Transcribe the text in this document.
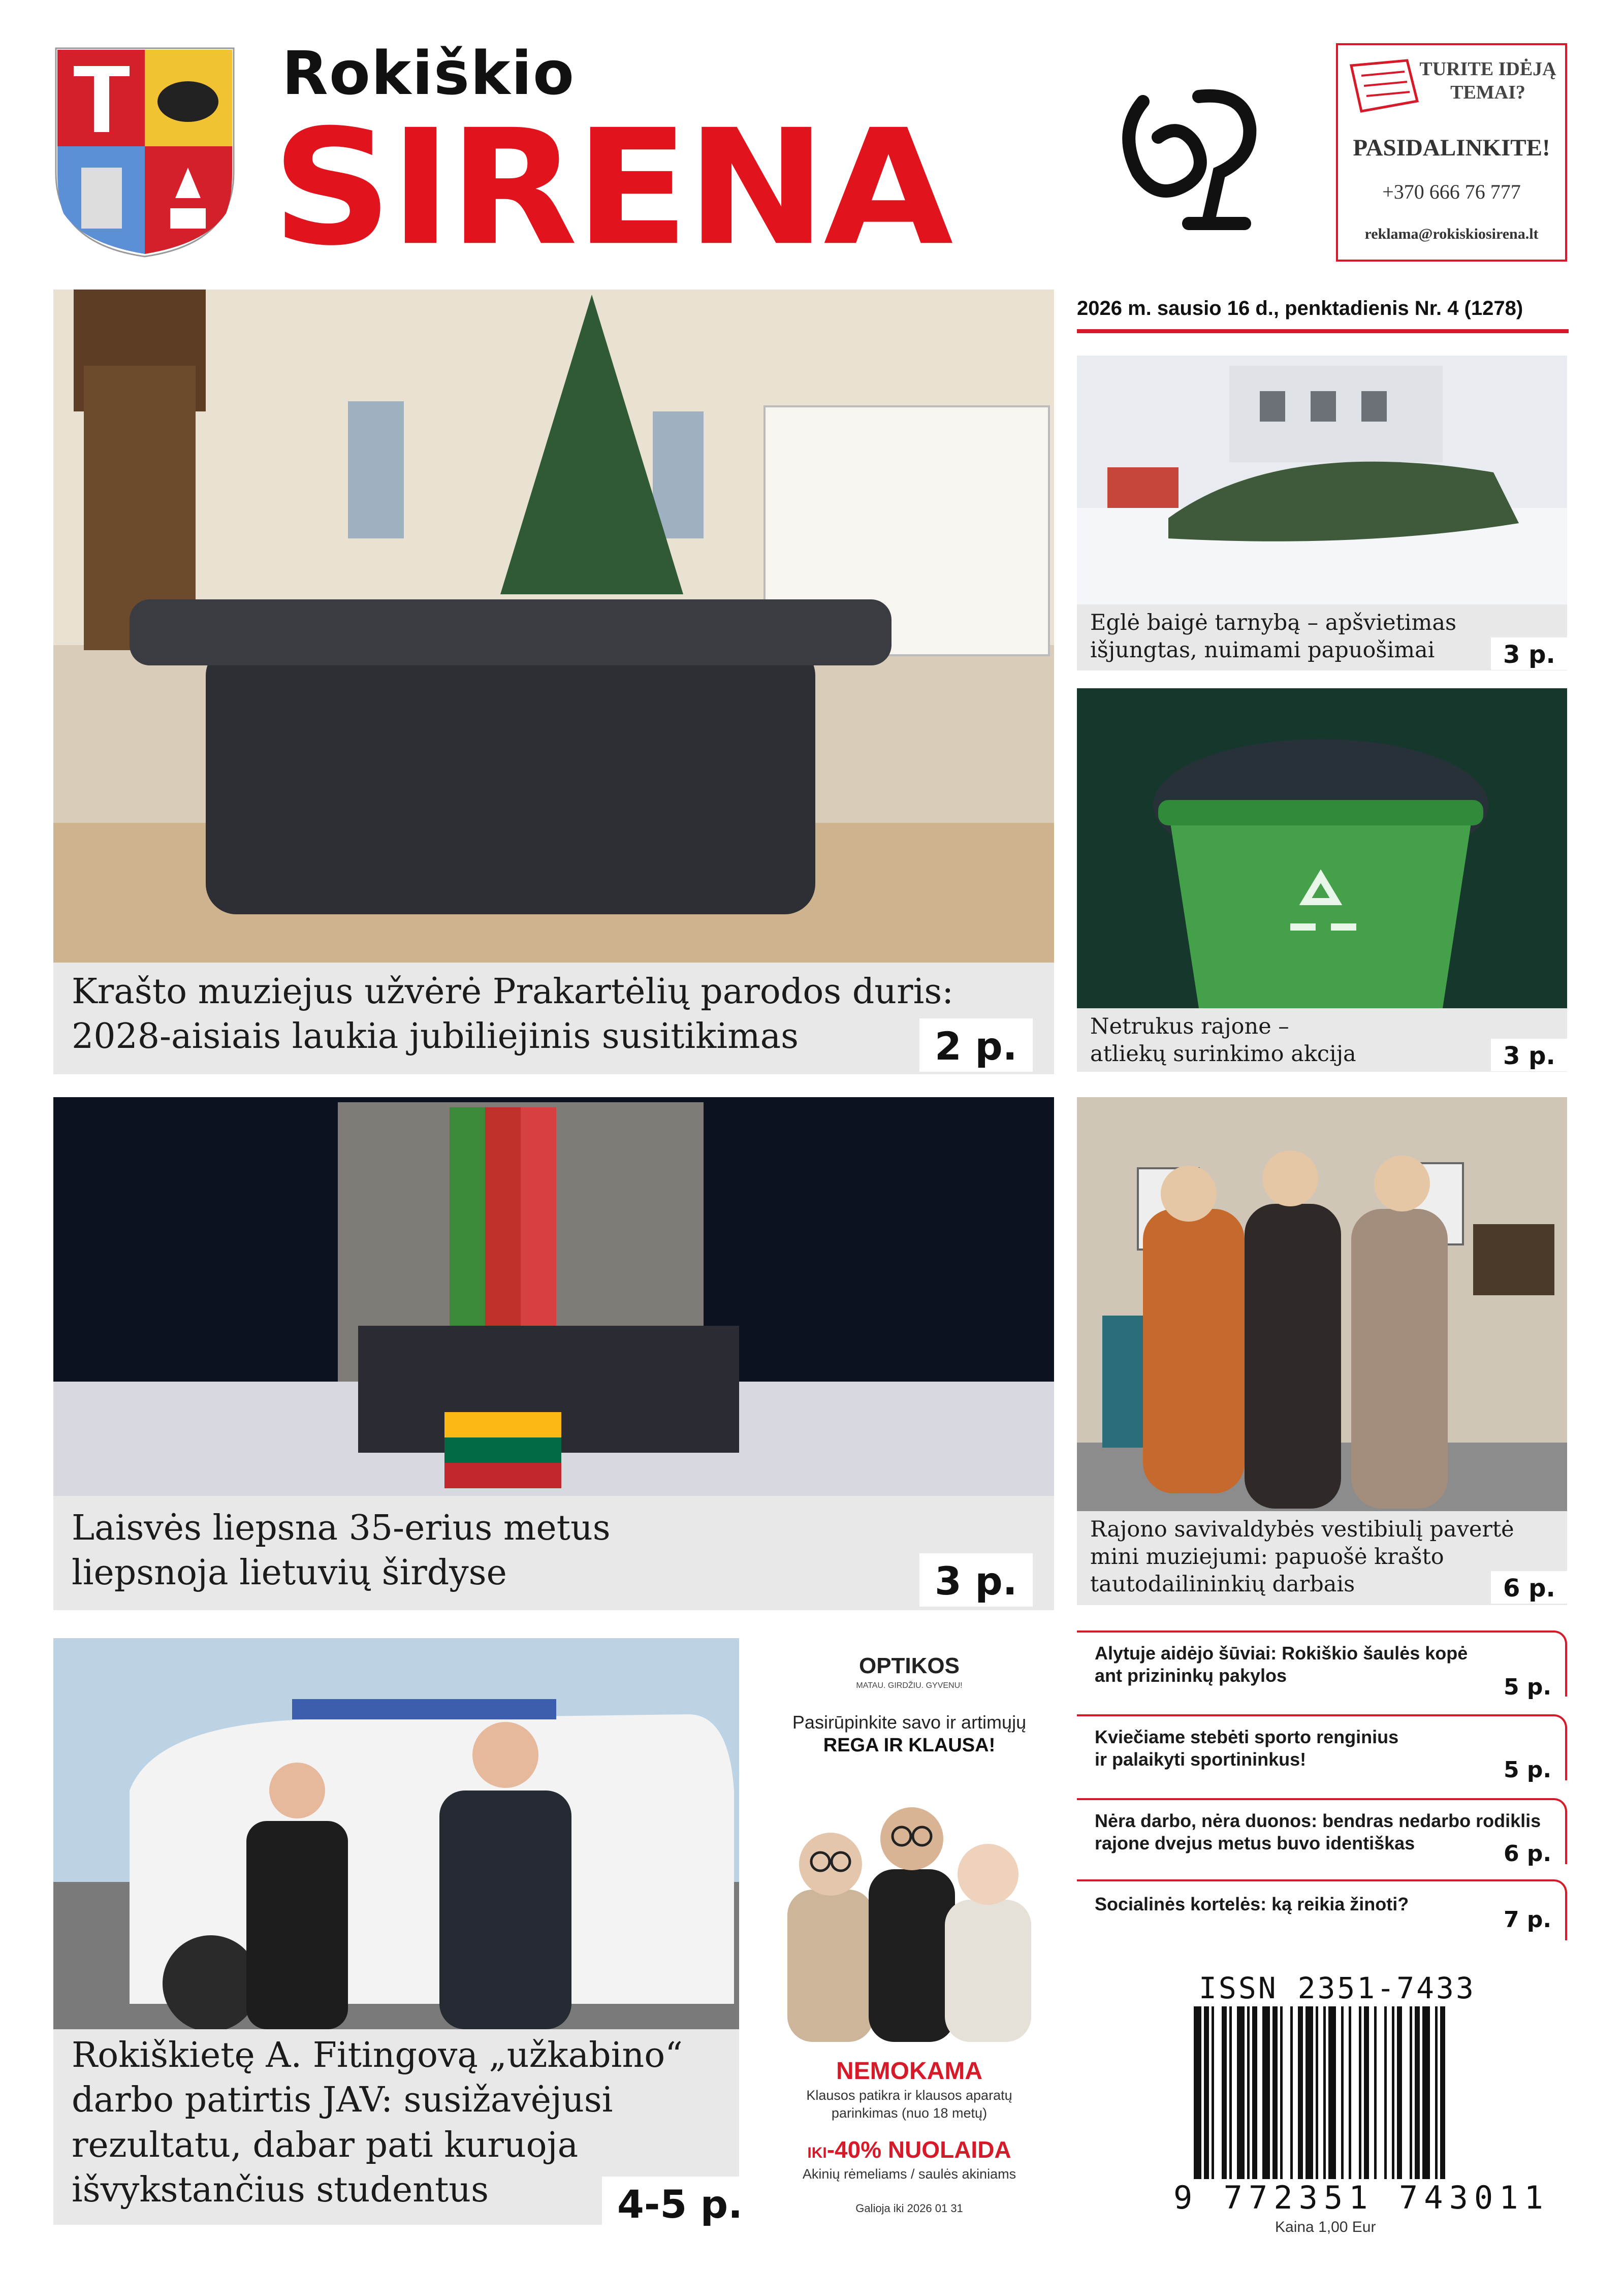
Rokiškio
SIRENA
TURITE IDĖJĄ
TEMAI?
PASIDALINKITE!
+370 666 76 777
reklama@rokiskiosirena.lt
2026 m. sausio 16 d., penktadienis Nr. 4 (1278)
Krašto muziejus užvėrė Prakartėlių parodos duris:
2028-aisiais laukia jubiliejinis susitikimas	2 p.
Laisvės liepsna 35-erius metus
liepsnoja lietuvių širdyse	3 p.
Rokiškietę A. Fitingovą „užkabino“
darbo patirtis JAV: susižavėjusi
rezultatu, dabar pati kuruoja
išvykstančius studentus	4-5 p.
Eglė baigė tarnybą – apšvietimas
išjungtas, nuimami papuošimai	3 p.
Netrukus rajone –
atliekų surinkimo akcija	3 p.
Rajono savivaldybės vestibiulį pavertė
mini muziejumi: papuošė krašto
tautodailininkių darbais	6 p.
Alytuje aidėjo šūviai: Rokiškio šaulės kopė
ant prizininkų pakylos	5 p.
Kviečiame stebėti sporto renginius
ir palaikyti sportininkus!	5 p.
Nėra darbo, nėra duonos: bendras nedarbo rodiklis
rajone dvejus metus buvo identiškas	6 p.
Socialinės kortelės: ką reikia žinoti?
7 p.
OPTIKOS
MATAU. GIRDŽIU. GYVENU!
Pasirūpinkite savo ir artimųjų
REGA IR KLAUSA!
NEMOKAMA
Klausos patikra ir klausos aparatų
parinkimas (nuo 18 metų)
IKI-40% NUOLAIDA
Akinių rėmeliams / saulės akiniams
Galioja iki 2026 01 31
ISSN 2351-7433
9 772351 743011
Kaina 1,00 Eur
